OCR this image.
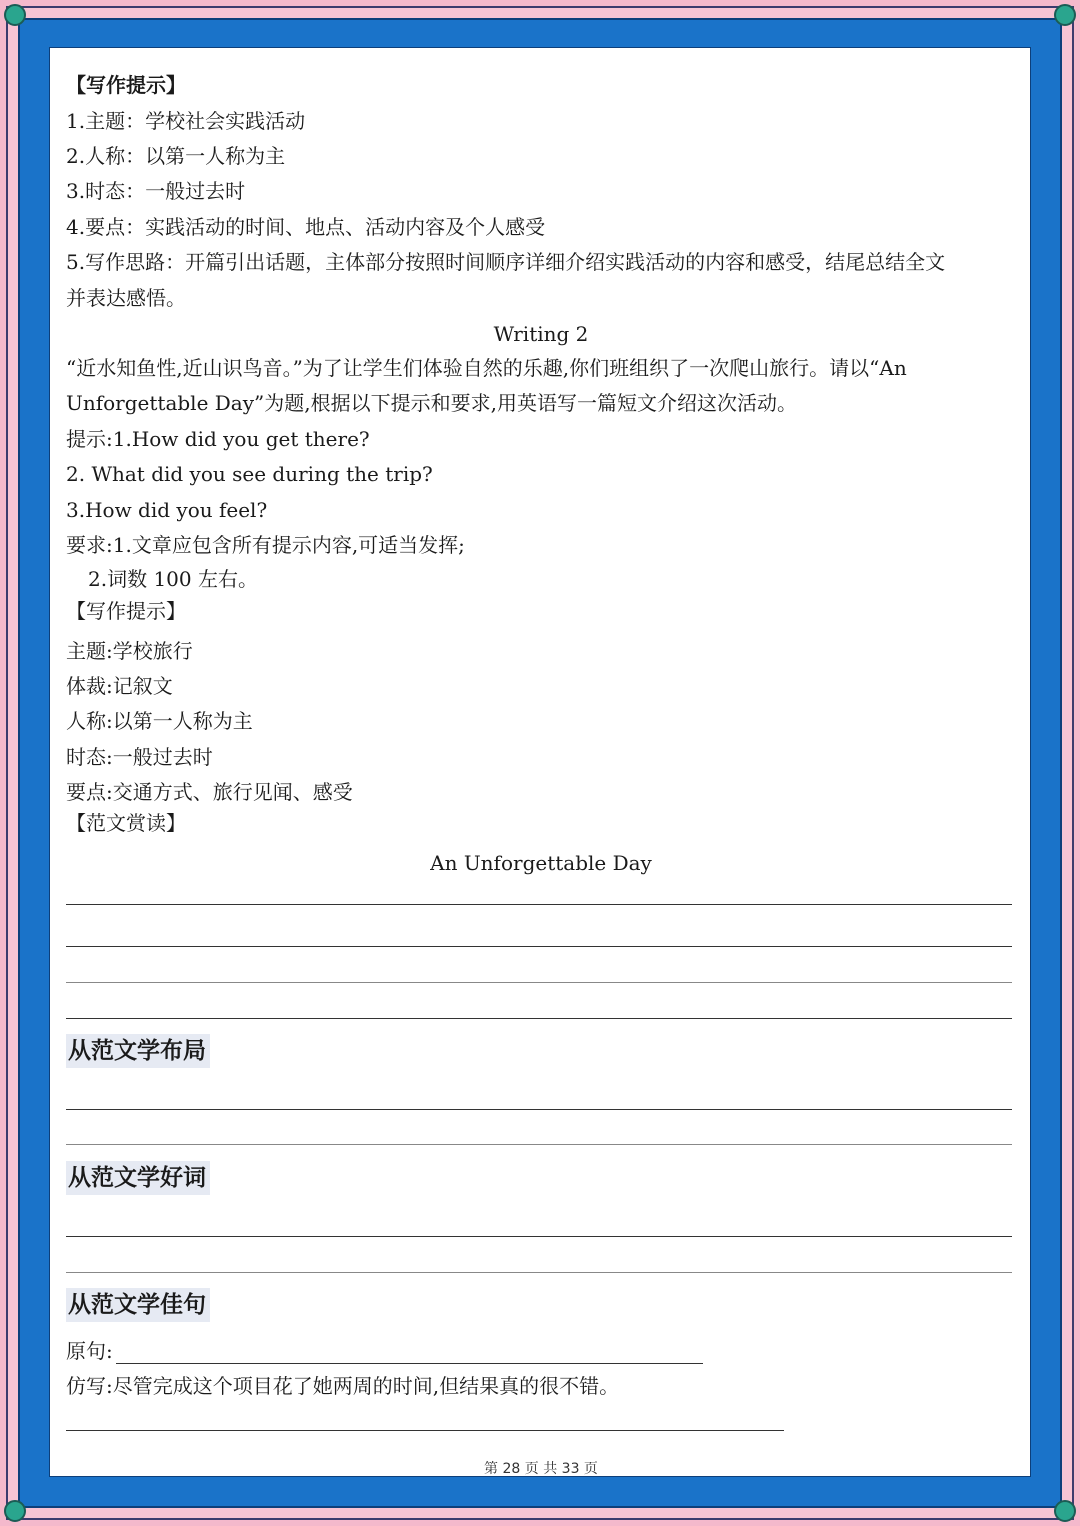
【写作提示】
1.主题：学校社会实践活动
2.人称：以第一人称为主
3.时态：一般过去时
4.要点：实践活动的时间、地点、活动内容及个人感受
5.写作思路：开篇引出话题，主体部分按照时间顺序详细介绍实践活动的内容和感受，结尾总结全文
并表达感悟。
Writing 2
“近水知鱼性,近山识鸟音。”为了让学生们体验自然的乐趣,你们班组织了一次爬山旅行。请以“An
Unforgettable Day”为题,根据以下提示和要求,用英语写一篇短文介绍这次活动。
提示:1.How did you get there?
2. What did you see during the trip?
3.How did you feel?
要求:1.文章应包含所有提示内容,可适当发挥;
2.词数 100 左右。
【写作提示】
主题:学校旅行
体裁:记叙文
人称:以第一人称为主
时态:一般过去时
要点:交通方式、旅行见闻、感受
【范文赏读】
An Unforgettable Day
从范文学布局
从范文学好词
从范文学佳句
原句:
仿写:尽管完成这个项目花了她两周的时间,但结果真的很不错。
第 28 页 共 33 页
